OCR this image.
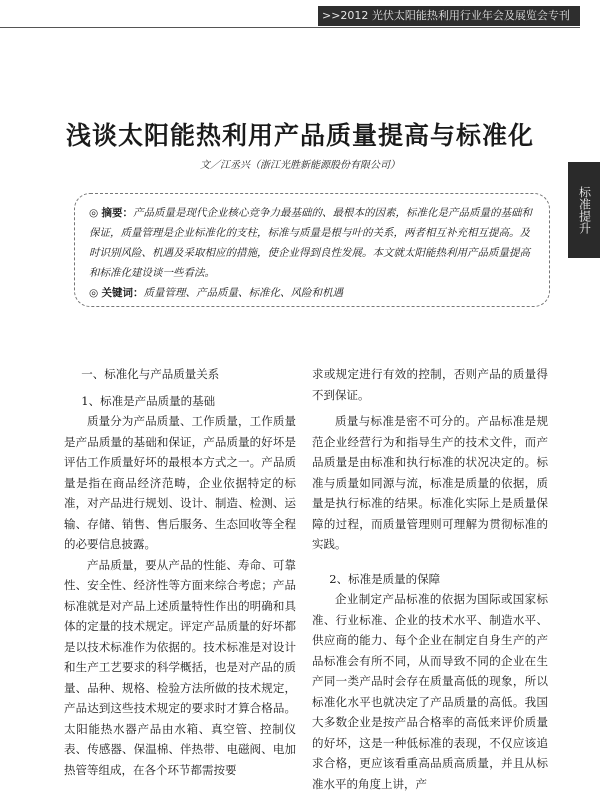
>>2012 光伏太阳能热利用行业年会及展览会专刊
标准提升
浅谈太阳能热利用产品质量提高与标准化
文／江丞兴（浙江光胜新能源股份有限公司）

◎ 摘要：产品质量是现代企业核心竞争力最基础的、最根本的因素，标准化是产品质量的基础和保证，质量管理是企业标准化的支柱，标准与质量是根与叶的关系，两者相互补充相互提高。及时识别风险、机遇及采取相应的措施，使企业得到良性发展。本文就太阳能热利用产品质量提高和标准化建设谈一些看法。

◎ 关键词：质量管理、产品质量、标准化、风险和机遇

一、标准化与产品质量关系

1、标准是产品质量的基础

质量分为产品质量、工作质量，工作质量是产品质量的基础和保证，产品质量的好坏是评估工作质量好坏的最根本方式之一。产品质量是指在商品经济范畴，企业依据特定的标准，对产品进行规划、设计、制造、检测、运输、存储、销售、售后服务、生态回收等全程的必要信息披露。

产品质量，要从产品的性能、寿命、可靠性、安全性、经济性等方面来综合考虑；产品标准就是对产品上述质量特性作出的明确和具体的定量的技术规定。评定产品质量的好坏都是以技术标准作为依据的。技术标准是对设计和生产工艺要求的科学概括，也是对产品的质量、品种、规格、检验方法所做的技术规定，产品达到这些技术规定的要求时才算合格品。太阳能热水器产品由水箱、真空管、控制仪表、传感器、保温棉、伴热带、电磁阀、电加热管等组成，在各个环节都需按要

求或规定进行有效的控制，否则产品的质量得不到保证。

质量与标准是密不可分的。产品标准是规范企业经营行为和指导生产的技术文件，而产品质量是由标准和执行标准的状况决定的。标准与质量如同源与流，标准是质量的依据，质量是执行标准的结果。标准化实际上是质量保障的过程，而质量管理则可理解为贯彻标准的实践。

2、标准是质量的保障

企业制定产品标准的依据为国际或国家标准、行业标准、企业的技术水平、制造水平、供应商的能力、每个企业在制定自身生产的产品标准会有所不同，从而导致不同的企业在生产同一类产品时会存在质量高低的现象，所以标准化水平也就决定了产品质量的高低。我国大多数企业是按产品合格率的高低来评价质量的好坏，这是一种低标准的表现，不仅应该追求合格，更应该看重高品质高质量，并且从标准水平的角度上讲，产
